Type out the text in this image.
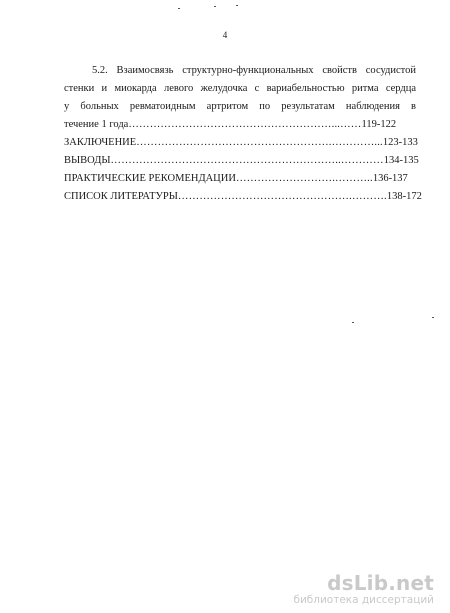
4

5.2. Взаимосвязь структурно-функциональных свойств сосудистой
стенки и миокарда левого желудочка с вариабельностью ритма сердца
у больных ревматоидным артритом по результатам наблюдения в
течение 1 года…………………………………………………...……119-122

ЗАКЛЮЧЕНИЕ……………………………………………….…………...123-133
ВЫВОДЫ………………………………………………………..…………134-135
ПРАКТИЧЕСКИЕ РЕКОМЕНДАЦИИ……………………….………..136-137
СПИСОК ЛИТЕРАТУРЫ………………………………………….……….138-172
dsLib.net
библиотека диссертаций
